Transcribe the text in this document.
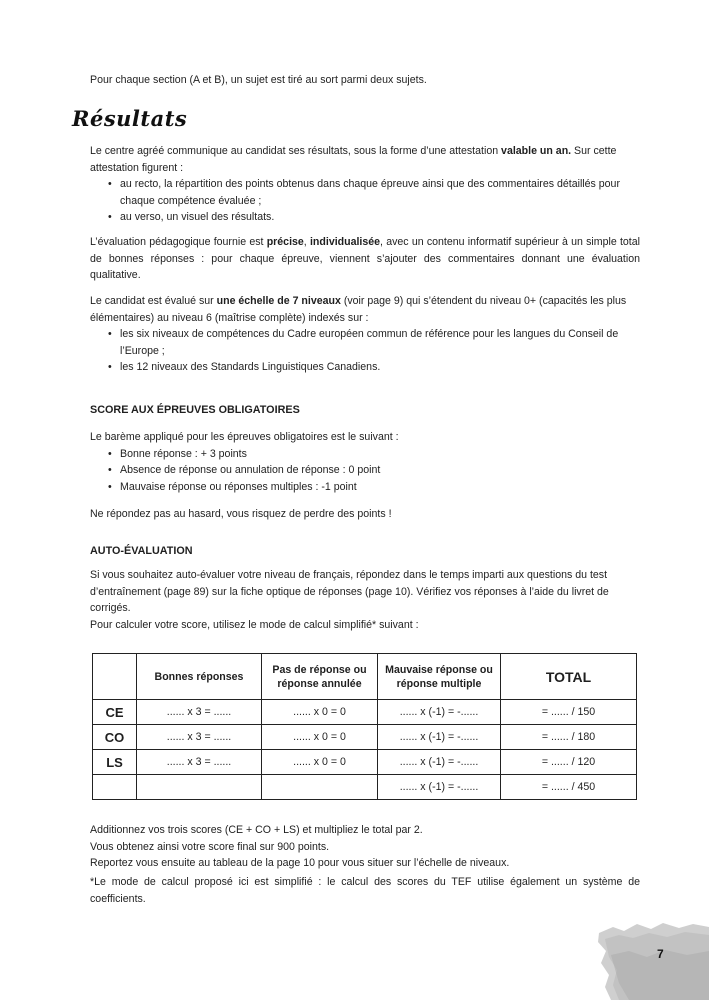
Pour chaque section (A et B), un sujet est tiré au sort parmi deux sujets.

Résultats

Le centre agréé communique au candidat ses résultats, sous la forme d’une attestation valable un an. Sur cette attestation figurent :

• au recto, la répartition des points obtenus dans chaque épreuve ainsi que des commentaires détaillés pour chaque compétence évaluée ;
• au verso, un visuel des résultats.

L’évaluation pédagogique fournie est précise, individualisée, avec un contenu informatif supérieur à un simple total de bonnes réponses : pour chaque épreuve, viennent s’ajouter des commentaires donnant une évaluation qualitative.

Le candidat est évalué sur une échelle de 7 niveaux (voir page 9) qui s’étendent du niveau 0+ (capacités les plus élémentaires) au niveau 6 (maîtrise complète) indexés sur :

• les six niveaux de compétences du Cadre européen commun de référence pour les langues du Conseil de l’Europe ;
• les 12 niveaux des Standards Linguistiques Canadiens.

SCORE AUX ÉPREUVES OBLIGATOIRES

Le barème appliqué pour les épreuves obligatoires est le suivant :

• Bonne réponse : + 3 points
• Absence de réponse ou annulation de réponse : 0 point
• Mauvaise réponse ou réponses multiples : -1 point

Ne répondez pas au hasard, vous risquez de perdre des points !

AUTO-ÉVALUATION

Si vous souhaitez auto-évaluer votre niveau de français, répondez dans le temps imparti aux questions du test d’entraînement (page 89) sur la fiche optique de réponses (page 10). Vérifiez vos réponses à l’aide du livret de corrigés.

Pour calculer votre score, utilisez le mode de calcul simplifié* suivant :

	Bonnes réponses	Pas de réponse ou réponse annulée	Mauvaise réponse ou réponse multiple	TOTAL
CE	...... x 3 = ......	...... x 0 = 0	...... x (-1) = -......	= ...... / 150
CO	...... x 3 = ......	...... x 0 = 0	...... x (-1) = -......	= ...... / 180
LS	...... x 3 = ......	...... x 0 = 0	...... x (-1) = -......	= ...... / 120
			...... x (-1) = -......	= ...... / 450

Additionnez vos trois scores (CE + CO + LS) et multipliez le total par 2.

Vous obtenez ainsi votre score final sur 900 points.

Reportez vous ensuite au tableau de la page 10 pour vous situer sur l’échelle de niveaux.

*Le mode de calcul proposé ici est simplifié : le calcul des scores du TEF utilise également un système de coefficients.

7
